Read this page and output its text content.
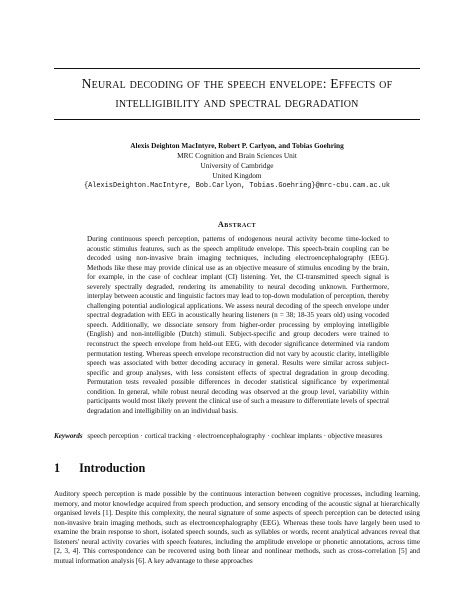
Neural decoding of the speech envelope: Effects of
intelligibility and spectral degradation
Alexis Deighton MacIntyre, Robert P. Carlyon, and Tobias Goehring
MRC Cognition and Brain Sciences Unit
University of Cambridge
United Kingdom
{AlexisDeighton.MacIntyre, Bob.Carlyon, Tobias.Goehring}@mrc-cbu.cam.ac.uk
Abstract
During continuous speech perception, patterns of endogenous neural activity become time-locked to acoustic stimulus features, such as the speech amplitude envelope. This speech-brain coupling can be decoded using non-invasive brain imaging techniques, including electroencephalography (EEG). Methods like these may provide clinical use as an objective measure of stimulus encoding by the brain, for example, in the case of cochlear implant (CI) listening. Yet, the CI-transmitted speech signal is severely spectrally degraded, rendering its amenability to neural decoding unknown. Furthermore, interplay between acoustic and linguistic factors may lead to top-down modulation of perception, thereby challenging potential audiological applications. We assess neural decoding of the speech envelope under spectral degradation with EEG in acoustically hearing listeners (n = 38; 18-35 years old) using vocoded speech. Additionally, we dissociate sensory from higher-order processing by employing intelligible (English) and non-intelligible (Dutch) stimuli. Subject-specific and group decoders were trained to reconstruct the speech envelope from held-out EEG, with decoder significance determined via random permutation testing. Whereas speech envelope reconstruction did not vary by acoustic clarity, intelligible speech was associated with better decoding accuracy in general. Results were similar across subject-specific and group analyses, with less consistent effects of spectral degradation in group decoding. Permutation tests revealed possible differences in decoder statistical significance by experimental condition. In general, while robust neural decoding was observed at the group level, variability within participants would most likely prevent the clinical use of such a measure to differentiate levels of spectral degradation and intelligibility on an individual basis.
Keywords speech perception · cortical tracking · electroencephalography · cochlear implants · objective measures
1 Introduction
Auditory speech perception is made possible by the continuous interaction between cognitive processes, including learning, memory, and motor knowledge acquired from speech production, and sensory encoding of the acoustic signal at hierarchically organised levels [1]. Despite this complexity, the neural signature of some aspects of speech perception can be detected using non-invasive brain imaging methods, such as electroencephalography (EEG). Whereas these tools have largely been used to examine the brain response to short, isolated speech sounds, such as syllables or words, recent analytical advances reveal that listeners' neural activity covaries with speech features, including the amplitude envelope or phonetic annotations, across time [2, 3, 4]. This correspondence can be recovered using both linear and nonlinear methods, such as cross-correlation [5] and mutual information analysis [6]. A key advantage to these approaches
